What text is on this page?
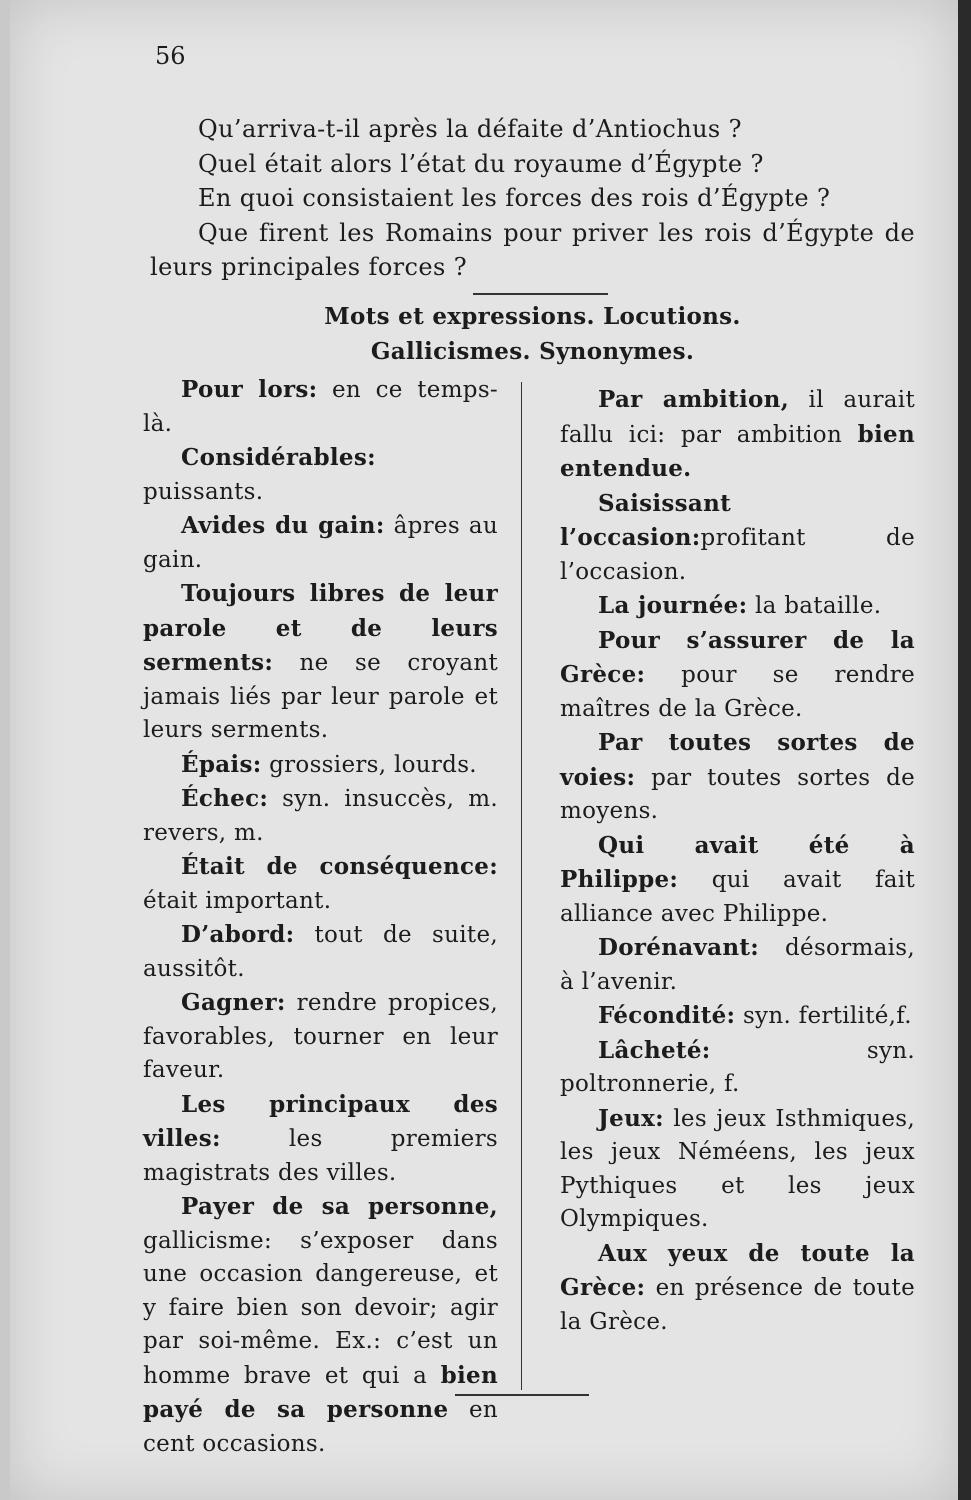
56

Qu’arriva-t-il après la défaite d’Antiochus ?

Quel était alors l’état du royaume d’Égypte ?

En quoi consistaient les forces des rois d’Égypte ?

Que firent les Romains pour priver les rois d’Égypte de leurs principales forces ?

Mots et expressions. Locutions.
Gallicismes. Synonymes.

Pour lors: en ce temps-là.

Considérables: puissants.

Avides du gain: âpres au gain.

Toujours libres de leur parole et de leurs serments: ne se croyant jamais liés par leur parole et leurs serments.

Épais: grossiers, lourds.

Échec: syn. insuccès, m. revers, m.

Était de conséquence: était important.

D’abord: tout de suite, aussitôt.

Gagner: rendre propices, favorables, tourner en leur faveur.

Les principaux des villes: les premiers magistrats des villes.

Payer de sa personne, gallicisme: s’exposer dans une occasion dangereuse, et y faire bien son devoir; agir par soi-même. Ex.: c’est un homme brave et qui a bien payé de sa personne en cent occasions.

Par ambition, il aurait fallu ici: par ambition bien entendue.

Saisissant l’occasion:profitant de l’occasion.

La journée: la bataille.

Pour s’assurer de la Grèce: pour se rendre maîtres de la Grèce.

Par toutes sortes de voies: par toutes sortes de moyens.

Qui avait été à Philippe: qui avait fait alliance avec Philippe.

Dorénavant: désormais, à l’avenir.

Fécondité: syn. fertilité,f.

Lâcheté: syn. poltronnerie, f.

Jeux: les jeux Isthmiques, les jeux Néméens, les jeux Pythiques et les jeux Olympiques.

Aux yeux de toute la Grèce: en présence de toute la Grèce.
